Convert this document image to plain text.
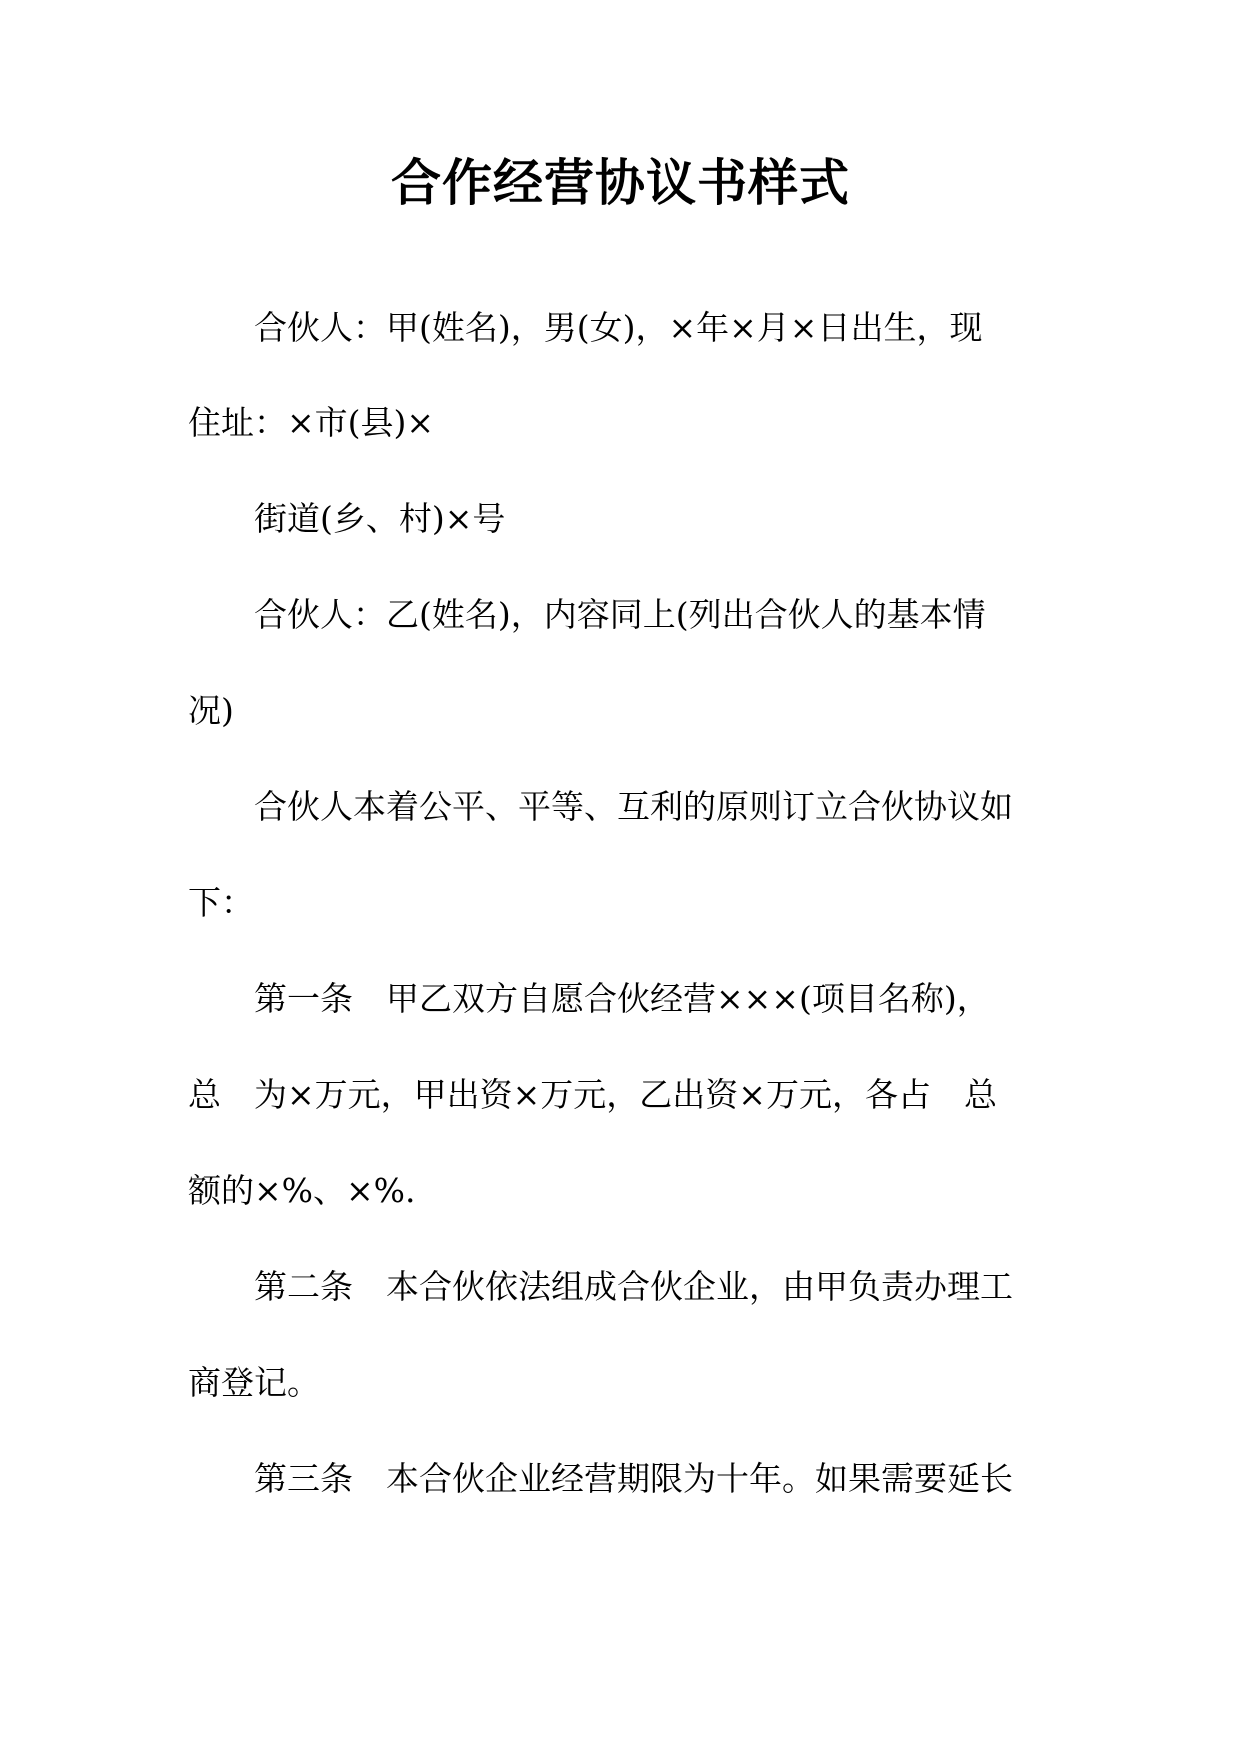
合作经营协议书样式
合伙人：甲(姓名)，男(女)，×年×月×日出生，现
住址：×市(县)×
街道(乡、村)×号
合伙人：乙(姓名)，内容同上(列出合伙人的基本情
况)
合伙人本着公平、平等、互利的原则订立合伙协议如
下：
第一条　甲乙双方自愿合伙经营×××(项目名称)，
总　为×万元，甲出资×万元，乙出资×万元，各占　总
额的×%、×%.
第二条　本合伙依法组成合伙企业，由甲负责办理工
商登记。
第三条　本合伙企业经营期限为十年。如果需要延长
